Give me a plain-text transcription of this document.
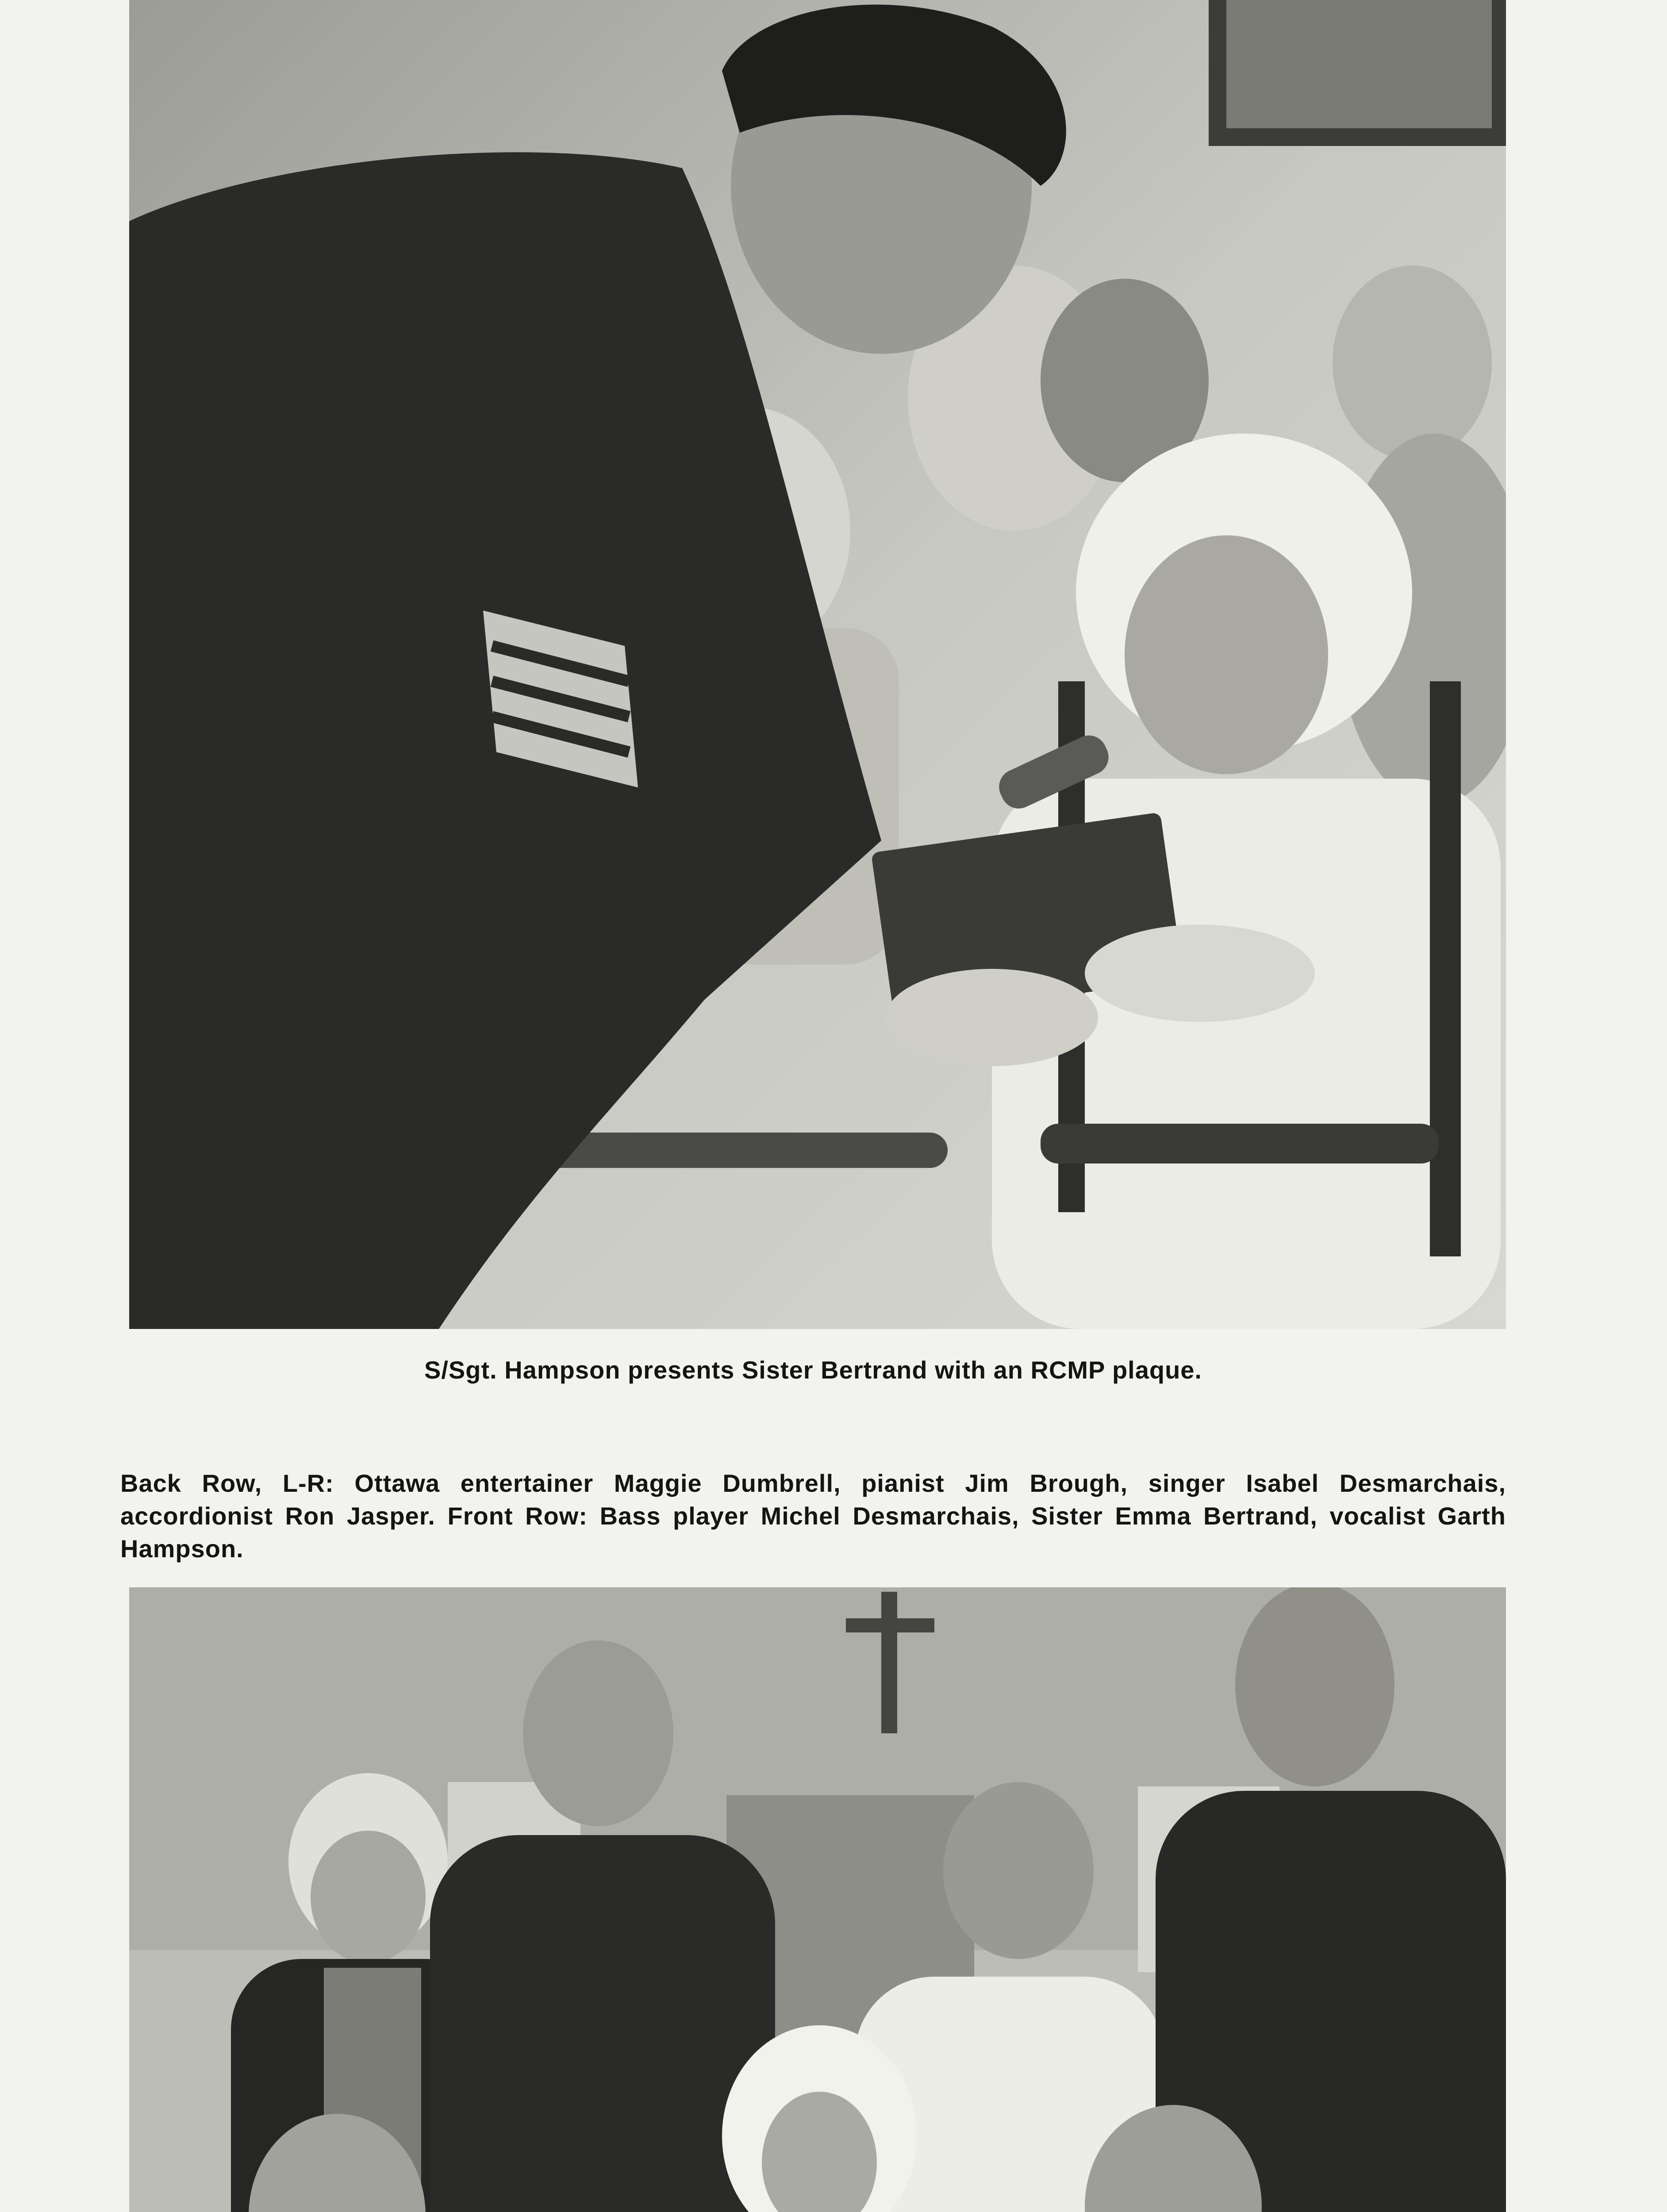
S/Sgt. Hampson presents Sister Bertrand with an RCMP plaque.

Back Row, L-R: Ottawa entertainer Maggie Dumbrell, pianist Jim Brough, singer Isabel Desmarchais, accordionist Ron Jasper. Front Row: Bass player Michel Desmarchais, Sister Emma Bertrand, vocalist Garth Hampson.
